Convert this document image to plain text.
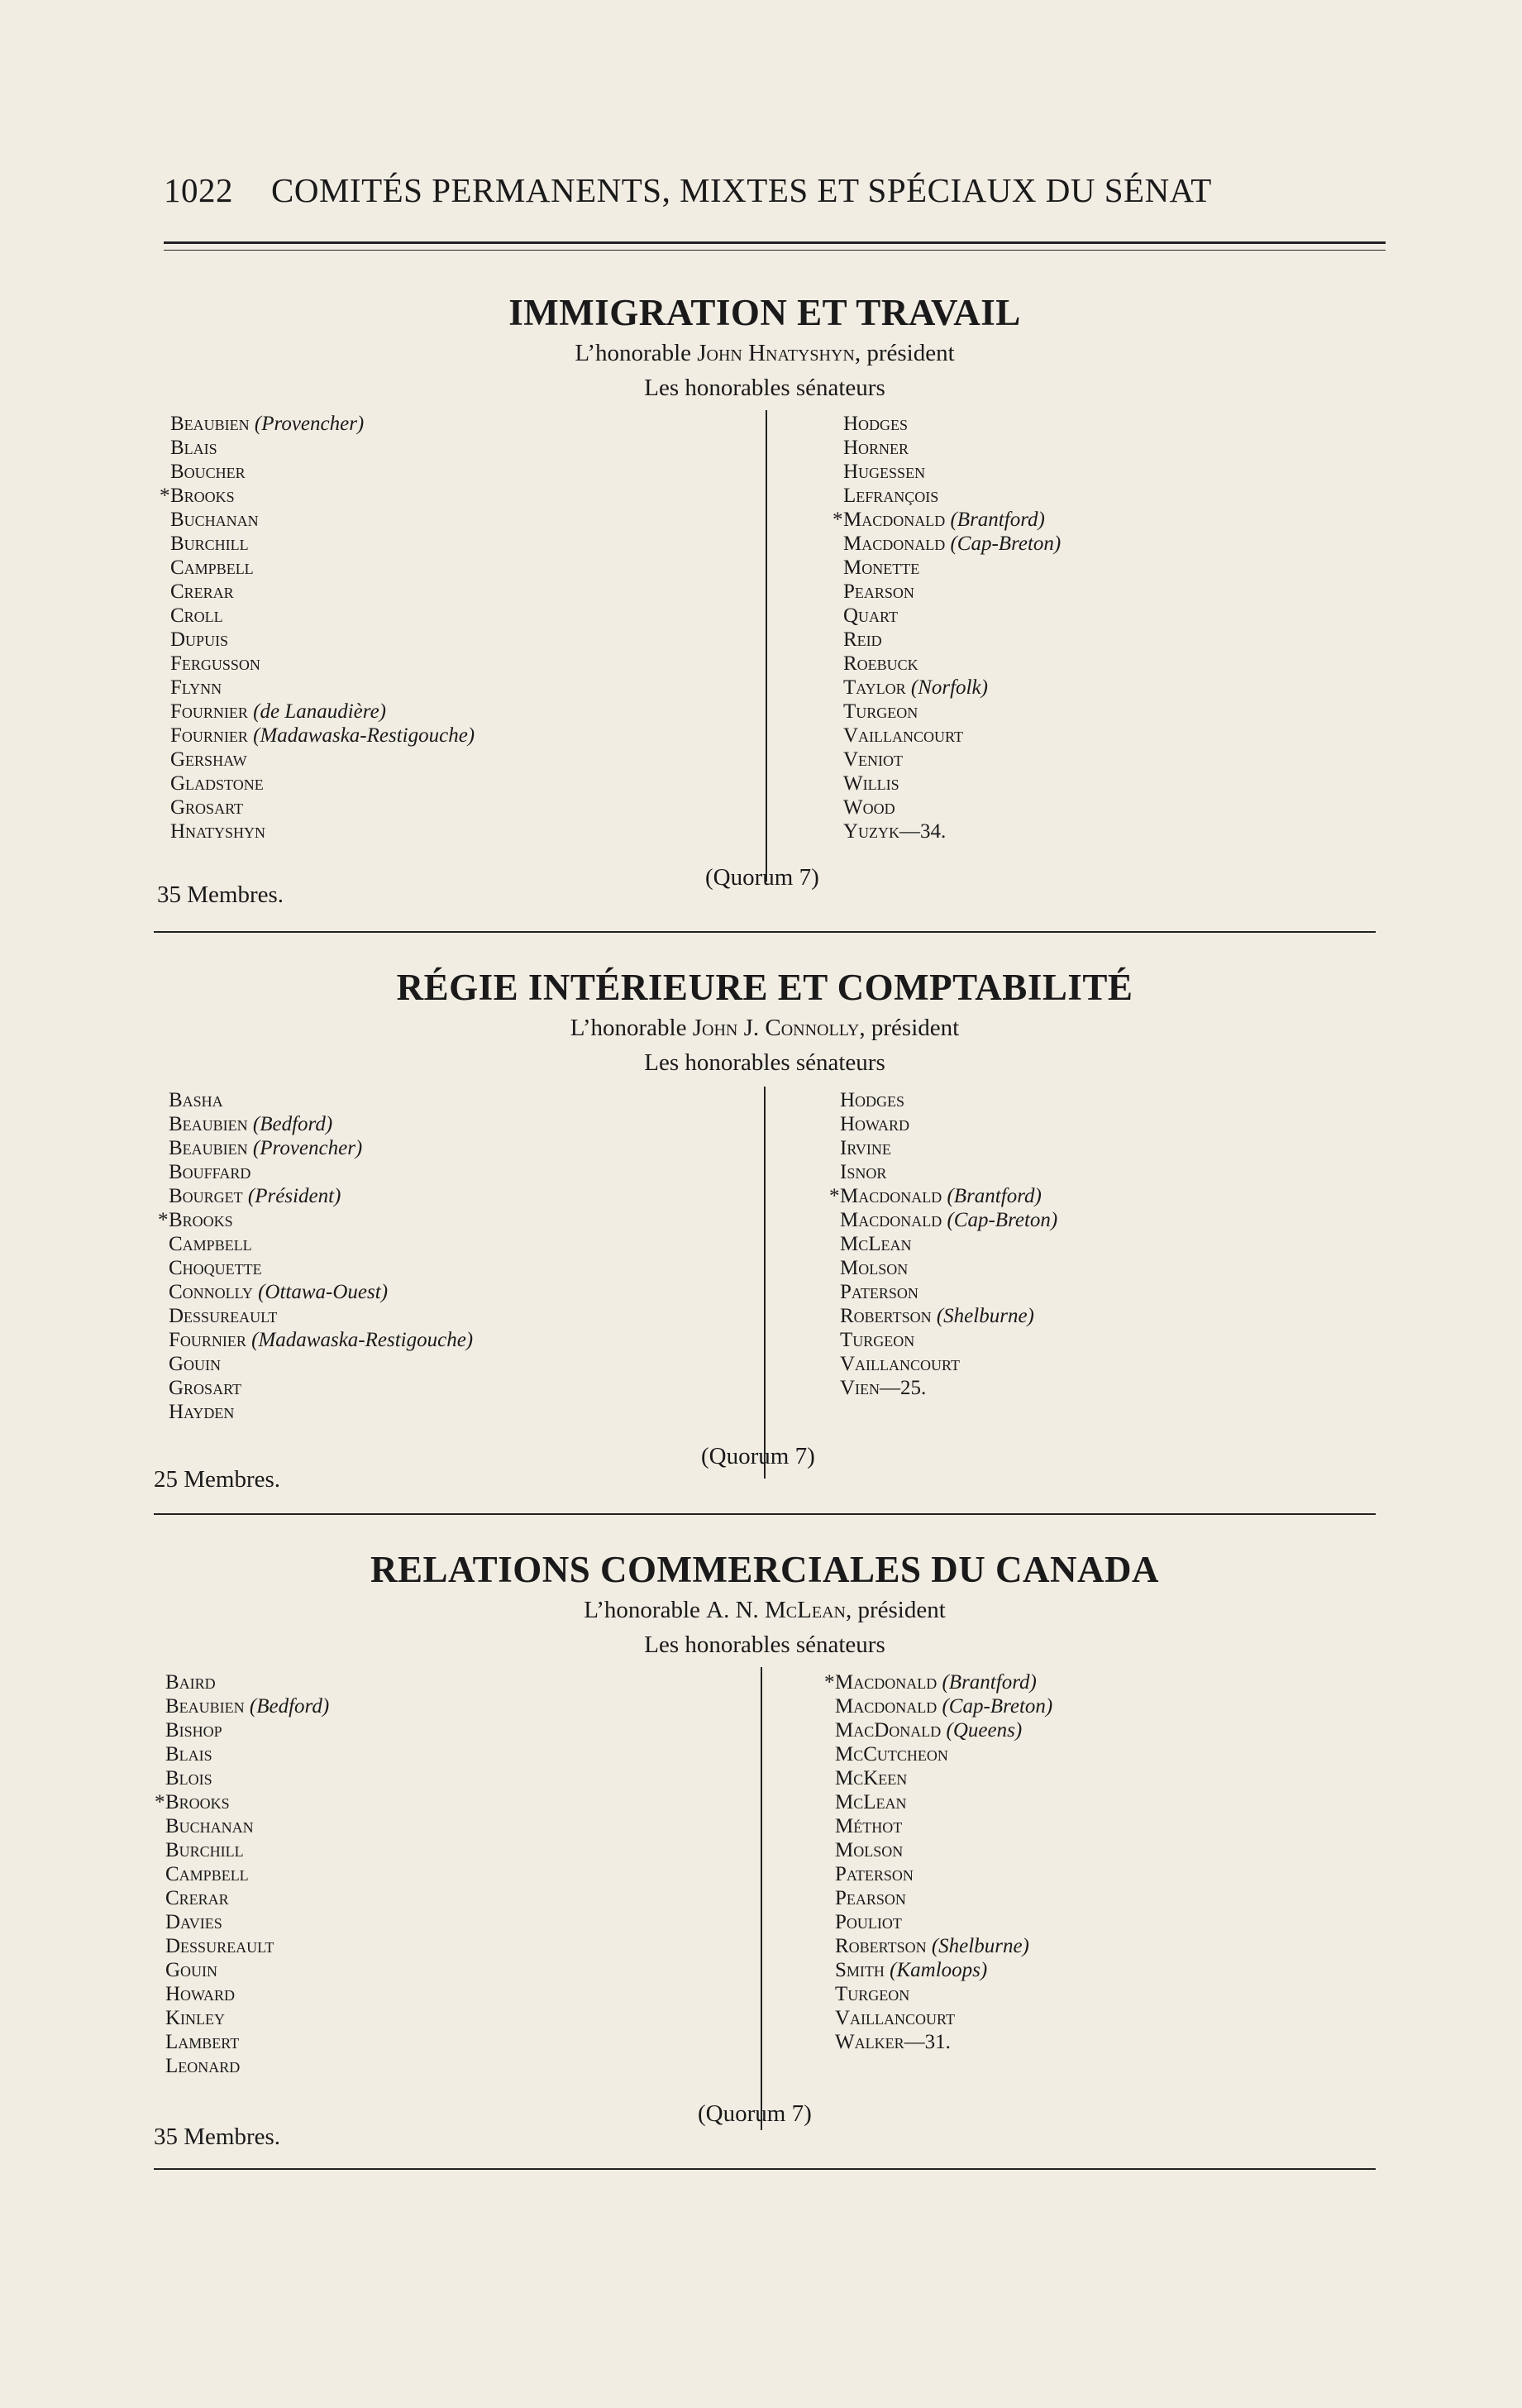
1022 COMITÉS PERMANENTS, MIXTES ET SPÉCIAUX DU SÉNAT
IMMIGRATION ET TRAVAIL
L’honorable John Hnatyshyn, président
Les honorables sénateurs
Beaubien (Provencher)
Blais
Boucher
*Brooks
Buchanan
Burchill
Campbell
Crerar
Croll
Dupuis
Fergusson
Flynn
Fournier (de Lanaudière)
Fournier (Madawaska-Restigouche)
Gershaw
Gladstone
Grosart
Hnatyshyn
Hodges
Horner
Hugessen
Lefrançois
*Macdonald (Brantford)
Macdonald (Cap-Breton)
Monette
Pearson
Quart
Reid
Roebuck
Taylor (Norfolk)
Turgeon
Vaillancourt
Veniot
Willis
Wood
Yuzyk—34.
(Quorum 7)
35 Membres.
RÉGIE INTÉRIEURE ET COMPTABILITÉ
L’honorable John J. Connolly, président
Les honorables sénateurs
Basha
Beaubien (Bedford)
Beaubien (Provencher)
Bouffard
Bourget (Président)
*Brooks
Campbell
Choquette
Connolly (Ottawa-Ouest)
Dessureault
Fournier (Madawaska-Restigouche)
Gouin
Grosart
Hayden
Hodges
Howard
Irvine
Isnor
*Macdonald (Brantford)
Macdonald (Cap-Breton)
McLean
Molson
Paterson
Robertson (Shelburne)
Turgeon
Vaillancourt
Vien—25.
(Quorum 7)
25 Membres.
RELATIONS COMMERCIALES DU CANADA
L’honorable A. N. McLean, président
Les honorables sénateurs
Baird
Beaubien (Bedford)
Bishop
Blais
Blois
*Brooks
Buchanan
Burchill
Campbell
Crerar
Davies
Dessureault
Gouin
Howard
Kinley
Lambert
Leonard
*Macdonald (Brantford)
Macdonald (Cap-Breton)
MacDonald (Queens)
McCutcheon
McKeen
McLean
Méthot
Molson
Paterson
Pearson
Pouliot
Robertson (Shelburne)
Smith (Kamloops)
Turgeon
Vaillancourt
Walker—31.
(Quorum 7)
35 Membres.
